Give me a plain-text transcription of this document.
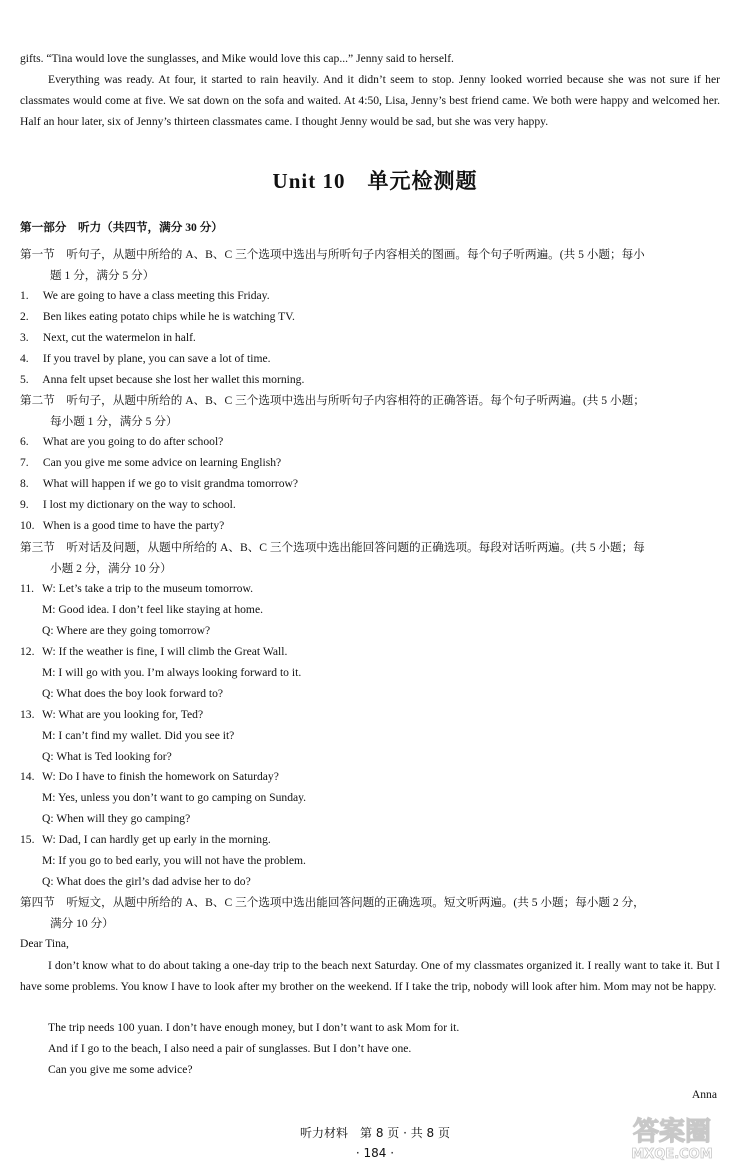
gifts. “Tina would love the sunglasses, and Mike would love this cap...” Jenny said to herself.
Everything was ready. At four, it started to rain heavily. And it didn’t seem to stop. Jenny looked worried because she was not sure if her classmates would come at five. We sat down on the sofa and waited. At 4:50, Lisa, Jenny’s best friend came. We both were happy and welcomed her. Half an hour later, six of Jenny’s thirteen classmates came. I thought Jenny would be sad, but she was very happy.
Unit 10　单元检测题
第一部分　听力（共四节，满分 30 分）
第一节　听句子，从题中所给的 A、B、C 三个选项中选出与所听句子内容相关的图画。每个句子听两遍。(共 5 小题；每小
题 1 分，满分 5 分）
1. We are going to have a class meeting this Friday.
2. Ben likes eating potato chips while he is watching TV.
3. Next, cut the watermelon in half.
4. If you travel by plane, you can save a lot of time.
5. Anna felt upset because she lost her wallet this morning.
第二节　听句子，从题中所给的 A、B、C 三个选项中选出与所听句子内容相符的正确答语。每个句子听两遍。(共 5 小题；
每小题 1 分，满分 5 分）
6. What are you going to do after school?
7. Can you give me some advice on learning English?
8. What will happen if we go to visit grandma tomorrow?
9. I lost my dictionary on the way to school.
10. When is a good time to have the party?
第三节　听对话及问题，从题中所给的 A、B、C 三个选项中选出能回答问题的正确选项。每段对话听两遍。(共 5 小题；每
小题 2 分，满分 10 分）
11. W: Let’s take a trip to the museum tomorrow.
M: Good idea. I don’t feel like staying at home.
Q: Where are they going tomorrow?
12. W: If the weather is fine, I will climb the Great Wall.
M: I will go with you. I’m always looking forward to it.
Q: What does the boy look forward to?
13. W: What are you looking for, Ted?
M: I can’t find my wallet. Did you see it?
Q: What is Ted looking for?
14. W: Do I have to finish the homework on Saturday?
M: Yes, unless you don’t want to go camping on Sunday.
Q: When will they go camping?
15. W: Dad, I can hardly get up early in the morning.
M: If you go to bed early, you will not have the problem.
Q: What does the girl’s dad advise her to do?
第四节　听短文，从题中所给的 A、B、C 三个选项中选出能回答问题的正确选项。短文听两遍。(共 5 小题；每小题 2 分，
满分 10 分）
Dear Tina,
I don’t know what to do about taking a one-day trip to the beach next Saturday. One of my classmates organized it. I really want to take it. But I have some problems. You know I have to look after my brother on the weekend. If I take the trip, nobody will look after him. Mom may not be happy.
The trip needs 100 yuan. I don’t have enough money, but I don’t want to ask Mom for it.
And if I go to the beach, I also need a pair of sunglasses. But I don’t have one.
Can you give me some advice?
Anna
听力材料　第 8 页 · 共 8 页
· 184 ·
答案圈
MXQE.COM
